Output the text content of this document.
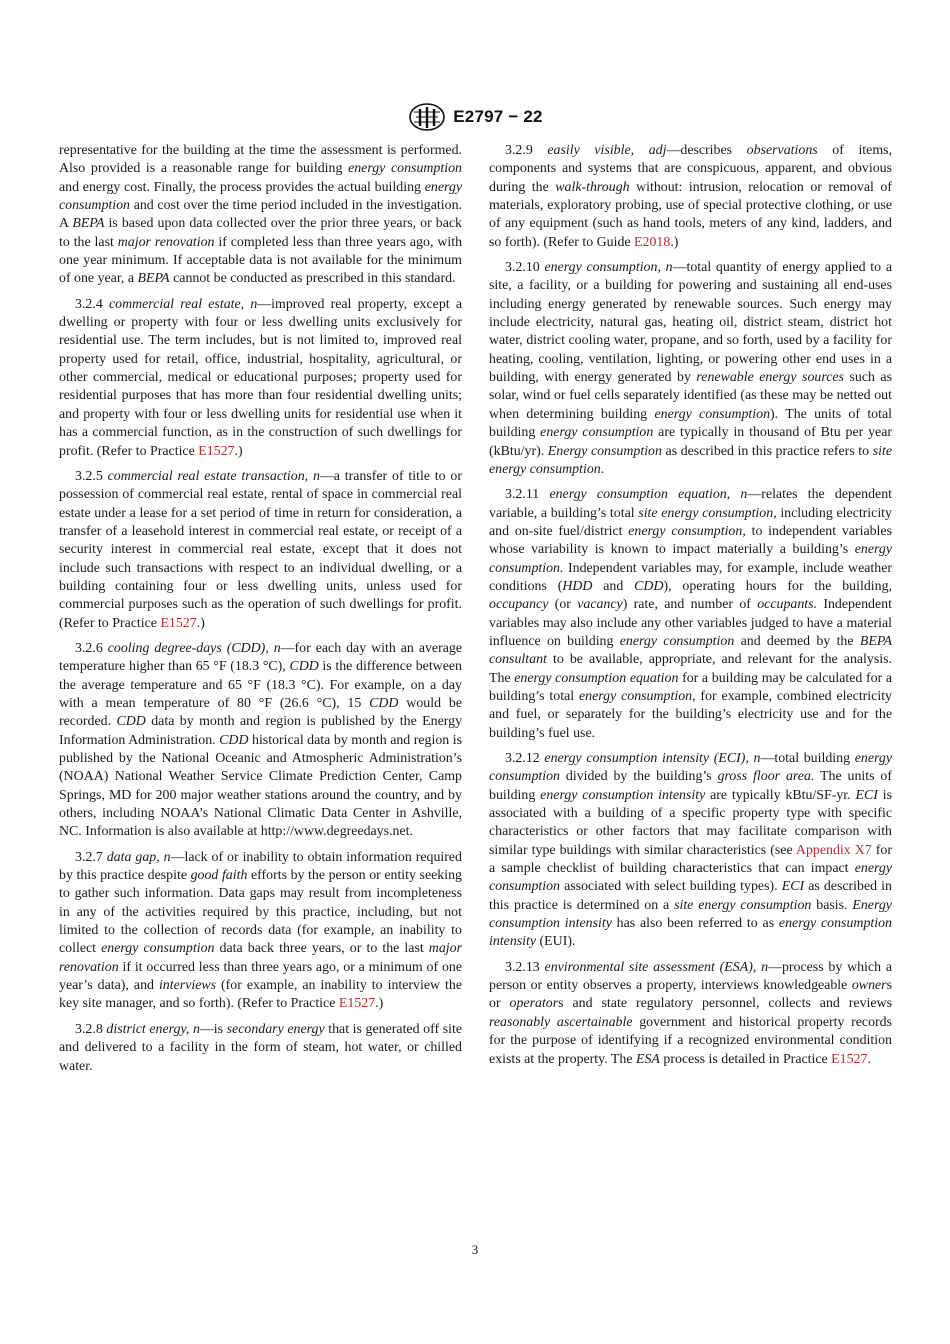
E2797 − 22

representative for the building at the time the assessment is performed. Also provided is a reasonable range for building energy consumption and energy cost. Finally, the process provides the actual building energy consumption and cost over the time period included in the investigation. A BEPA is based upon data collected over the prior three years, or back to the last major renovation if completed less than three years ago, with one year minimum. If acceptable data is not available for the minimum of one year, a BEPA cannot be conducted as prescribed in this standard.

3.2.4 commercial real estate, n—improved real property, except a dwelling or property with four or less dwelling units exclusively for residential use. The term includes, but is not limited to, improved real property used for retail, office, industrial, hospitality, agricultural, or other commercial, medical or educational purposes; property used for residential purposes that has more than four residential dwelling units; and property with four or less dwelling units for residential use when it has a commercial function, as in the construction of such dwellings for profit. (Refer to Practice E1527.)

3.2.5 commercial real estate transaction, n—a transfer of title to or possession of commercial real estate, rental of space in commercial real estate under a lease for a set period of time in return for consideration, a transfer of a leasehold interest in commercial real estate, or receipt of a security interest in commercial real estate, except that it does not include such transactions with respect to an individual dwelling, or a building containing four or less dwelling units, unless used for commercial purposes such as the operation of such dwellings for profit. (Refer to Practice E1527.)

3.2.6 cooling degree-days (CDD), n—for each day with an average temperature higher than 65 °F (18.3 °C), CDD is the difference between the average temperature and 65 °F (18.3 °C). For example, on a day with a mean temperature of 80 °F (26.6 °C), 15 CDD would be recorded. CDD data by month and region is published by the Energy Information Administration. CDD historical data by month and region is published by the National Oceanic and Atmospheric Administration’s (NOAA) National Weather Service Climate Prediction Center, Camp Springs, MD for 200 major weather stations around the country, and by others, including NOAA’s National Climatic Data Center in Ashville, NC. Information is also available at http://www.degreedays.net.

3.2.7 data gap, n—lack of or inability to obtain information required by this practice despite good faith efforts by the person or entity seeking to gather such information. Data gaps may result from incompleteness in any of the activities required by this practice, including, but not limited to the collection of records data (for example, an inability to collect energy consumption data back three years, or to the last major renovation if it occurred less than three years ago, or a minimum of one year’s data), and interviews (for example, an inability to interview the key site manager, and so forth). (Refer to Practice E1527.)

3.2.8 district energy, n—is secondary energy that is generated off site and delivered to a facility in the form of steam, hot water, or chilled water.

3.2.9 easily visible, adj—describes observations of items, components and systems that are conspicuous, apparent, and obvious during the walk-through without: intrusion, relocation or removal of materials, exploratory probing, use of special protective clothing, or use of any equipment (such as hand tools, meters of any kind, ladders, and so forth). (Refer to Guide E2018.)

3.2.10 energy consumption, n—total quantity of energy applied to a site, a facility, or a building for powering and sustaining all end-uses including energy generated by renewable sources. Such energy may include electricity, natural gas, heating oil, district steam, district hot water, district cooling water, propane, and so forth, used by a facility for heating, cooling, ventilation, lighting, or powering other end uses in a building, with energy generated by renewable energy sources such as solar, wind or fuel cells separately identified (as these may be netted out when determining building energy consumption). The units of total building energy consumption are typically in thousand of Btu per year (kBtu/yr). Energy consumption as described in this practice refers to site energy consumption.

3.2.11 energy consumption equation, n—relates the dependent variable, a building’s total site energy consumption, including electricity and on-site fuel/district energy consumption, to independent variables whose variability is known to impact materially a building’s energy consumption. Independent variables may, for example, include weather conditions (HDD and CDD), operating hours for the building, occupancy (or vacancy) rate, and number of occupants. Independent variables may also include any other variables judged to have a material influence on building energy consumption and deemed by the BEPA consultant to be available, appropriate, and relevant for the analysis. The energy consumption equation for a building may be calculated for a building’s total energy consumption, for example, combined electricity and fuel, or separately for the building’s electricity use and for the building’s fuel use.

3.2.12 energy consumption intensity (ECI), n—total building energy consumption divided by the building’s gross floor area. The units of building energy consumption intensity are typically kBtu/SF-yr. ECI is associated with a building of a specific property type with specific characteristics or other factors that may facilitate comparison with similar type buildings with similar characteristics (see Appendix X7 for a sample checklist of building characteristics that can impact energy consumption associated with select building types). ECI as described in this practice is determined on a site energy consumption basis. Energy consumption intensity has also been referred to as energy consumption intensity (EUI).

3.2.13 environmental site assessment (ESA), n—process by which a person or entity observes a property, interviews knowledgeable owners or operators and state regulatory personnel, collects and reviews reasonably ascertainable government and historical property records for the purpose of identifying if a recognized environmental condition exists at the property. The ESA process is detailed in Practice E1527.

3
